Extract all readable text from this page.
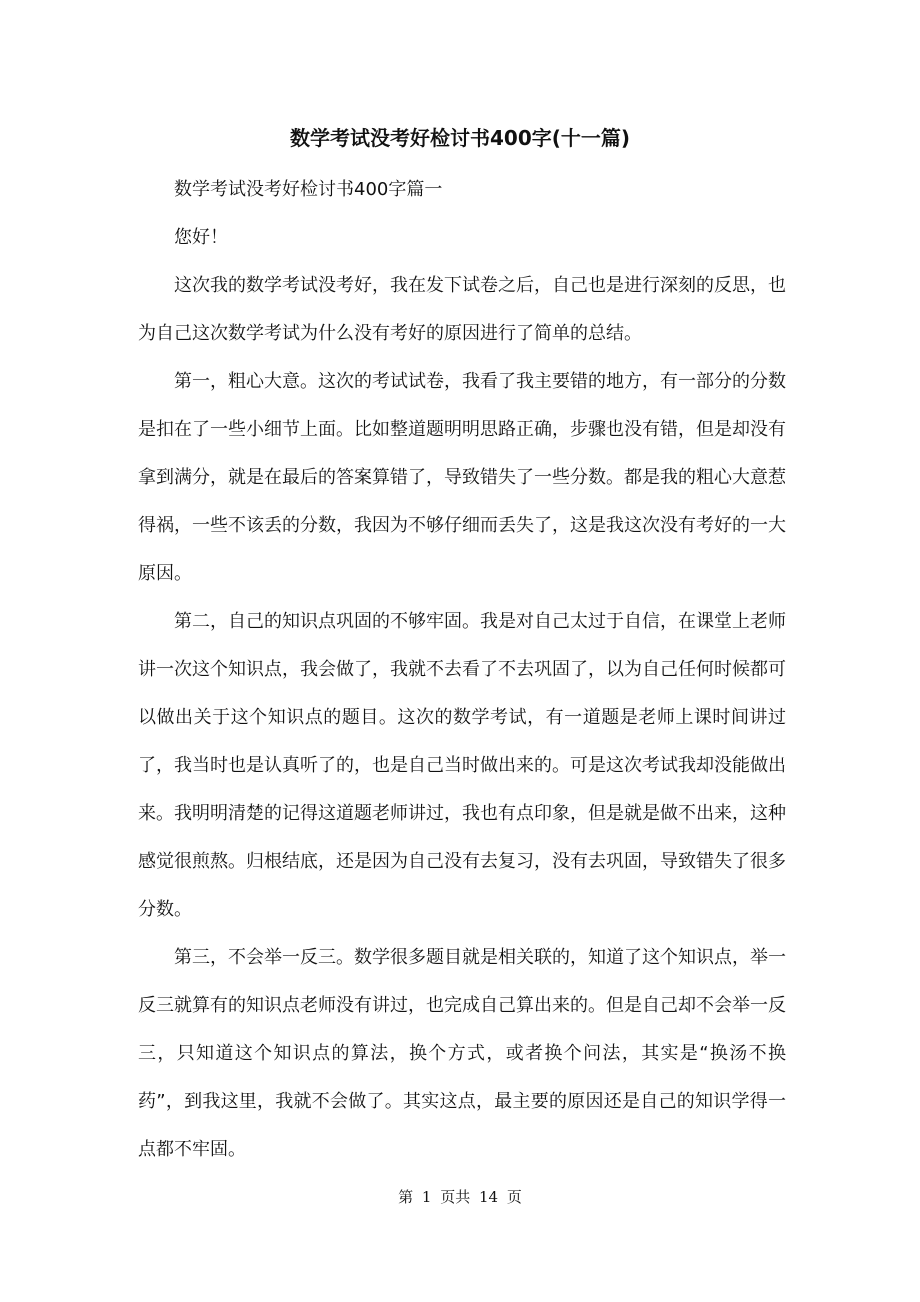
数学考试没考好检讨书400字(十一篇)

数学考试没考好检讨书400字篇一

您好！

这次我的数学考试没考好，我在发下试卷之后，自己也是进行深刻的反思，也为自己这次数学考试为什么没有考好的原因进行了简单的总结。

第一，粗心大意。这次的考试试卷，我看了我主要错的地方，有一部分的分数是扣在了一些小细节上面。比如整道题明明思路正确，步骤也没有错，但是却没有拿到满分，就是在最后的答案算错了，导致错失了一些分数。都是我的粗心大意惹得祸，一些不该丢的分数，我因为不够仔细而丢失了，这是我这次没有考好的一大原因。

第二，自己的知识点巩固的不够牢固。我是对自己太过于自信，在课堂上老师讲一次这个知识点，我会做了，我就不去看了不去巩固了，以为自己任何时候都可以做出关于这个知识点的题目。这次的数学考试，有一道题是老师上课时间讲过了，我当时也是认真听了的，也是自己当时做出来的。可是这次考试我却没能做出来。我明明清楚的记得这道题老师讲过，我也有点印象，但是就是做不出来，这种感觉很煎熬。归根结底，还是因为自己没有去复习，没有去巩固，导致错失了很多分数。

第三，不会举一反三。数学很多题目就是相关联的，知道了这个知识点，举一反三就算有的知识点老师没有讲过，也完成自己算出来的。但是自己却不会举一反三，只知道这个知识点的算法，换个方式，或者换个问法，其实是“换汤不换药”，到我这里，我就不会做了。其实这点，最主要的原因还是自己的知识学得一点都不牢固。

第 1 页共 14 页
